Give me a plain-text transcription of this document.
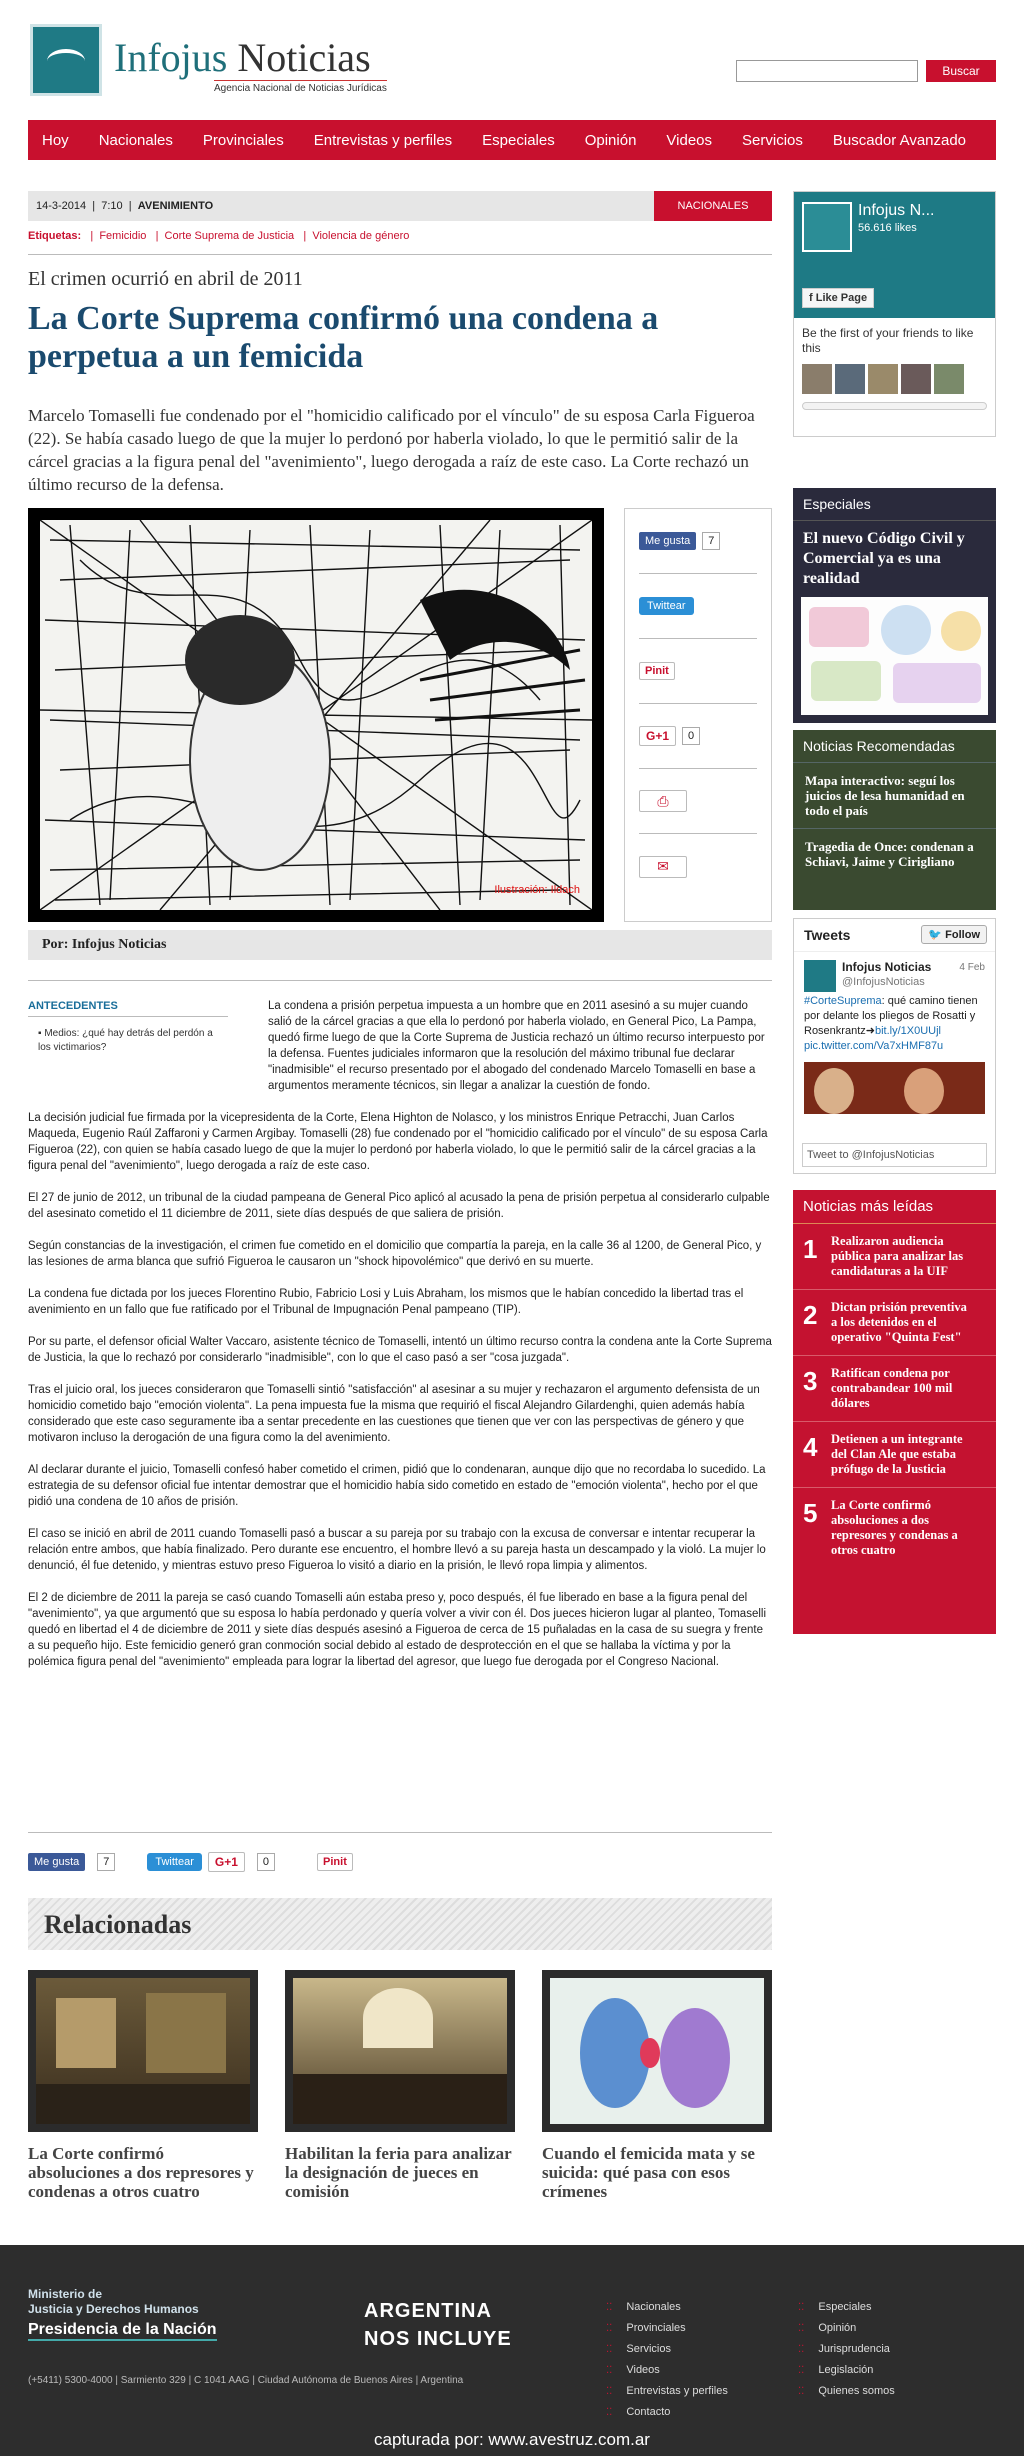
Infojus Noticias
Agencia Nacional de Noticias Jurídicas
Buscar
Hoy Nacionales Provinciales Entrevistas y perfiles Especiales Opinión Videos Servicios Buscador Avanzado
14-3-2014  |  7:10  |  AVENIMIENTO	NACIONALES
Etiquetas:   |  Femicidio   |  Corte Suprema de Justicia   |  Violencia de género
El crimen ocurrió en abril de 2011
La Corte Suprema confirmó una condena a perpetua a un femicida

Marcelo Tomaselli fue condenado por el "homicidio calificado por el vínculo" de su esposa Carla Figueroa (22). Se había casado luego de que la mujer lo perdonó por haberla violado, lo que le permitió salir de la cárcel gracias a la figura penal del "avenimiento", luego derogada a raíz de este caso. La Corte rechazó un último recurso de la defensa.

Ilustración: Ildach
Me gusta	7
Twittear
Pinit
G+1	0
⎙
✉
Por: Infojus Noticias
ANTECEDENTES
▪ Medios: ¿qué hay detrás del perdón a los victimarios?

La condena a prisión perpetua impuesta a un hombre que en 2011 asesinó a su mujer cuando salió de la cárcel gracias a que ella lo perdonó por haberla violado, en General Pico, La Pampa, quedó firme luego de que la Corte Suprema de Justicia rechazó un último recurso interpuesto por la defensa. Fuentes judiciales informaron que la resolución del máximo tribunal fue declarar "inadmisible" el recurso presentado por el abogado del condenado Marcelo Tomaselli en base a argumentos meramente técnicos, sin llegar a analizar la cuestión de fondo.

La decisión judicial fue firmada por la vicepresidenta de la Corte, Elena Highton de Nolasco, y los ministros Enrique Petracchi, Juan Carlos Maqueda, Eugenio Raúl Zaffaroni y Carmen Argibay. Tomaselli (28) fue condenado por el "homicidio calificado por el vínculo" de su esposa Carla Figueroa (22), con quien se había casado luego de que la mujer lo perdonó por haberla violado, lo que le permitió salir de la cárcel gracias a la figura penal del "avenimiento", luego derogada a raíz de este caso.

El 27 de junio de 2012, un tribunal de la ciudad pampeana de General Pico aplicó al acusado la pena de prisión perpetua al considerarlo culpable del asesinato cometido el 11 diciembre de 2011, siete días después de que saliera de prisión.

Según constancias de la investigación, el crimen fue cometido en el domicilio que compartía la pareja, en la calle 36 al 1200, de General Pico, y las lesiones de arma blanca que sufrió Figueroa le causaron un "shock hipovolémico" que derivó en su muerte.

La condena fue dictada por los jueces Florentino Rubio, Fabricio Losi y Luis Abraham, los mismos que le habían concedido la libertad tras el avenimiento en un fallo que fue ratificado por el Tribunal de Impugnación Penal pampeano (TIP).

Por su parte, el defensor oficial Walter Vaccaro, asistente técnico de Tomaselli, intentó un último recurso contra la condena ante la Corte Suprema de Justicia, la que lo rechazó por considerarlo "inadmisible", con lo que el caso pasó a ser "cosa juzgada".

Tras el juicio oral, los jueces consideraron que Tomaselli sintió "satisfacción" al asesinar a su mujer y rechazaron el argumento defensista de un homicidio cometido bajo "emoción violenta". La pena impuesta fue la misma que requirió el fiscal Alejandro Gilardenghi, quien además había considerado que este caso seguramente iba a sentar precedente en las cuestiones que tienen que ver con las perspectivas de género y que motivaron incluso la derogación de una figura como la del avenimiento.

Al declarar durante el juicio, Tomaselli confesó haber cometido el crimen, pidió que lo condenaran, aunque dijo que no recordaba lo sucedido. La estrategia de su defensor oficial fue intentar demostrar que el homicidio había sido cometido en estado de "emoción violenta", hecho por el que pidió una condena de 10 años de prisión.

El caso se inició en abril de 2011 cuando Tomaselli pasó a buscar a su pareja por su trabajo con la excusa de conversar e intentar recuperar la relación entre ambos, que había finalizado. Pero durante ese encuentro, el hombre llevó a su pareja hasta un descampado y la violó. La mujer lo denunció, él fue detenido, y mientras estuvo preso Figueroa lo visitó a diario en la prisión, le llevó ropa limpia y alimentos.

El 2 de diciembre de 2011 la pareja se casó cuando Tomaselli aún estaba preso y, poco después, él fue liberado en base a la figura penal del "avenimiento", ya que argumentó que su esposa lo había perdonado y quería volver a vivir con él. Dos jueces hicieron lugar al planteo, Tomaselli quedó en libertad el 4 de diciembre de 2011 y siete días después asesinó a Figueroa de cerca de 15 puñaladas en la casa de su suegra y frente a su pequeño hijo. Este femicidio generó gran conmoción social debido al estado de desprotección en el que se hallaba la víctima y por la polémica figura penal del "avenimiento" empleada para lograr la libertad del agresor, que luego fue derogada por el Congreso Nacional.

Me gusta	7	Twittear	G+1	0	Pinit
Relacionadas
La Corte confirmó absoluciones a dos represores y condenas a otros cuatro
Habilitan la feria para analizar la designación de jueces en comisión
Cuando el femicida mata y se suicida: qué pasa con esos crímenes
Infojus N...
56.616 likes
f Like Page
Be the first of your friends to like this
Especiales
El nuevo Código Civil y Comercial ya es una realidad
Noticias Recomendadas
Mapa interactivo: seguí los juicios de lesa humanidad en todo el país
Tragedia de Once: condenan a Schiavi, Jaime y Cirigliano
Tweets	🐦 Follow
4 Feb
Infojus Noticias
@InfojusNoticias
#CorteSuprema: qué camino tienen por delante los pliegos de Rosatti y Rosenkrantz➜bit.ly/1X0UUjl
pic.twitter.com/Va7xHMF87u
Tweet to @InfojusNoticias
Noticias más leídas
1	Realizaron audiencia pública para analizar las candidaturas a la UIF
2	Dictan prisión preventiva a los detenidos en el operativo "Quinta Fest"
3	Ratifican condena por contrabandear 100 mil dólares
4	Detienen a un integrante del Clan Ale que estaba prófugo de la Justicia
5	La Corte confirmó absoluciones a dos represores y condenas a otros cuatro
Ministerio de
Justicia y Derechos Humanos
Presidencia de la Nación
(+5411) 5300-4000 | Sarmiento 329 | C 1041 AAG | Ciudad Autónoma de Buenos Aires | Argentina
ARGENTINA
NOS INCLUYE
⁚⁚ Nacionales
⁚⁚ Provinciales
⁚⁚ Servicios
⁚⁚ Videos
⁚⁚ Entrevistas y perfiles
⁚⁚ Contacto
⁚⁚ Especiales
⁚⁚ Opinión
⁚⁚ Jurisprudencia
⁚⁚ Legislación
⁚⁚ Quienes somos
capturada por: www.avestruz.com.ar
